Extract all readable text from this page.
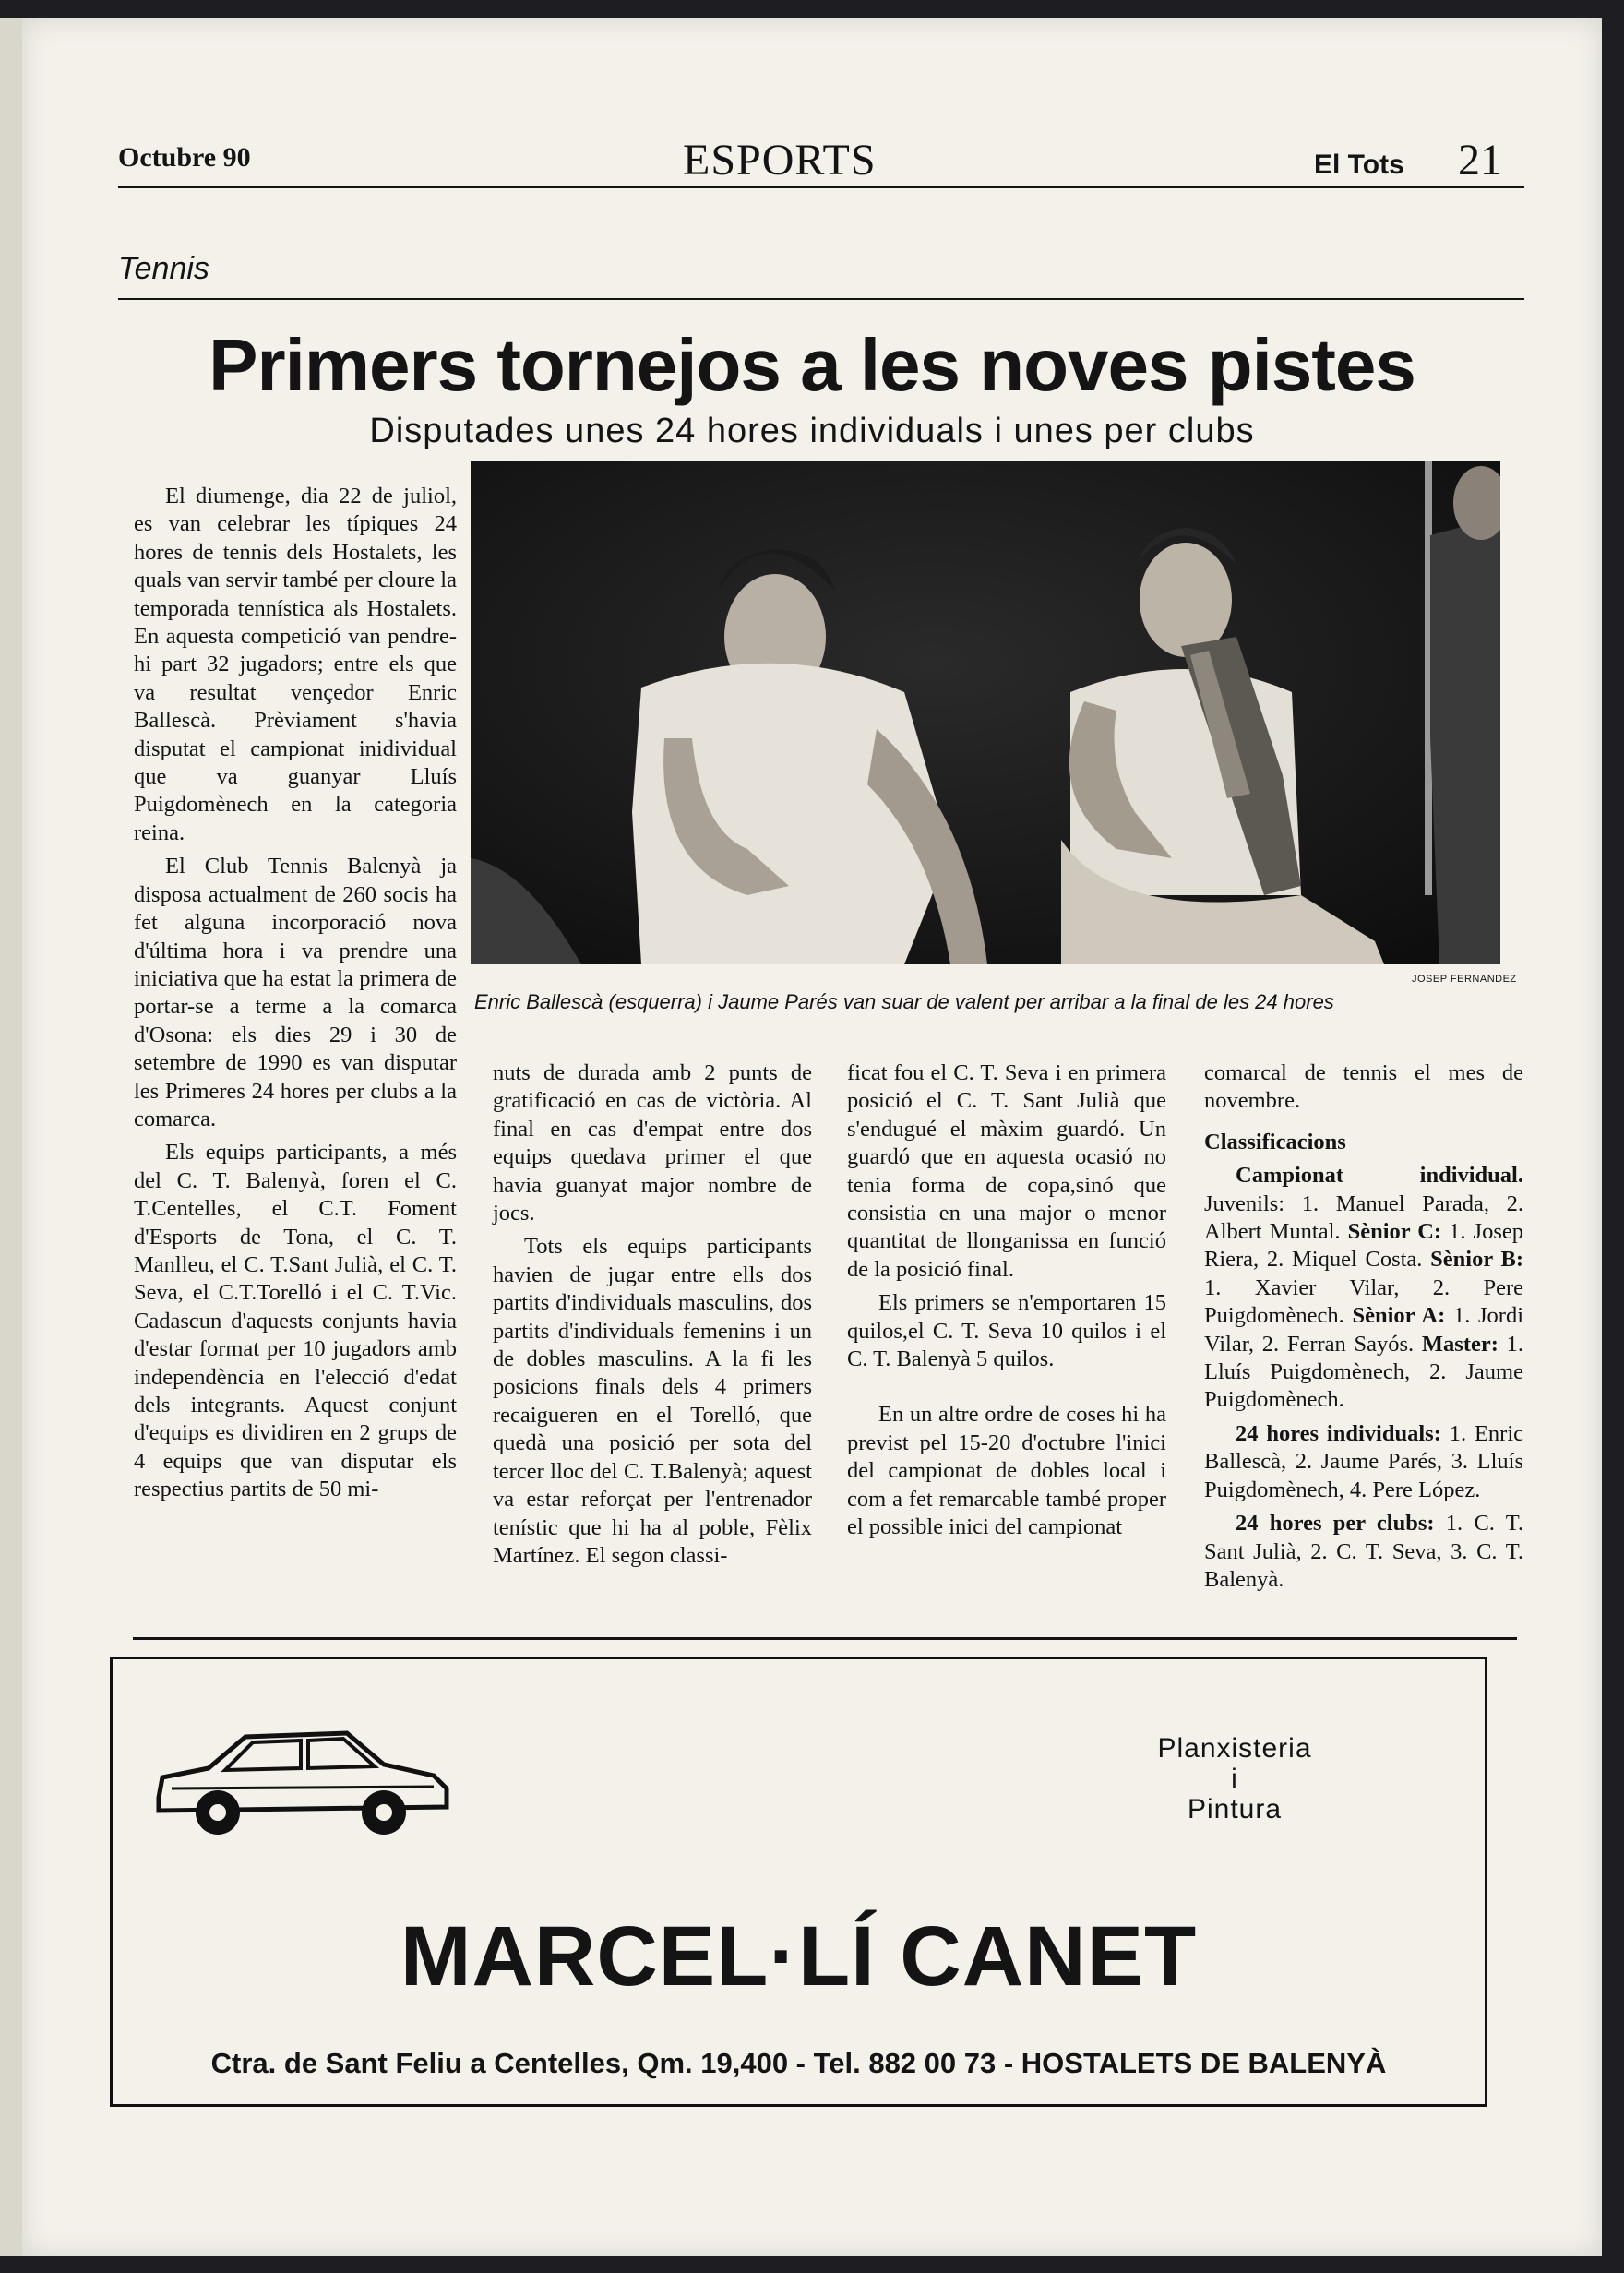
Octubre 90	ESPORTS	El Tots 21
Tennis
Primers tornejos a les noves pistes
Disputades unes 24 hores individuals i unes per clubs
JOSEP FERNANDEZ
Enric Ballescà (esquerra) i Jaume Parés van suar de valent per arribar a la final de les 24 hores

El diumenge, dia 22 de juliol, es van celebrar les típiques 24 hores de tennis dels Hostalets, les quals van servir també per cloure la temporada tennística als Hostalets. En aquesta competició van pendre-hi part 32 jugadors; entre els que va resultat vençedor Enric Ballescà. Prèviament s'havia disputat el campionat inidividual que va guanyar Lluís Puigdomènech en la categoria reina.

El Club Tennis Balenyà ja disposa actualment de 260 socis ha fet alguna incorporació nova d'última hora i va prendre una iniciativa que ha estat la primera de portar-se a terme a la comarca d'Osona: els dies 29 i 30 de setembre de 1990 es van disputar les Primeres 24 hores per clubs a la comarca.

Els equips participants, a més del C. T. Balenyà, foren el C. T.Centelles, el C.T. Foment d'Esports de Tona, el C. T. Manlleu, el C. T.Sant Julià, el C. T. Seva, el C.T.Torelló i el C. T.Vic. Cadascun d'aquests conjunts havia d'estar format per 10 jugadors amb independència en l'elecció d'edat dels integrants. Aquest conjunt d'equips es dividiren en 2 grups de 4 equips que van disputar els respectius partits de 50 mi-

nuts de durada amb 2 punts de gratificació en cas de victòria. Al final en cas d'empat entre dos equips quedava primer el que havia guanyat major nombre de jocs.

Tots els equips participants havien de jugar entre ells dos partits d'individuals masculins, dos partits d'individuals femenins i un de dobles masculins. A la fi les posicions finals dels 4 primers recaigueren en el Torelló, que quedà una posició per sota del tercer lloc del C. T.Balenyà; aquest va estar reforçat per l'entrenador tenístic que hi ha al poble, Fèlix Martínez. El segon classi-

ficat fou el C. T. Seva i en primera posició el C. T. Sant Julià que s'endugué el màxim guardó. Un guardó que en aquesta ocasió no tenia forma de copa,sinó que consistia en una major o menor quantitat de llonganissa en funció de la posició final.

Els primers se n'emportaren 15 quilos,el C. T. Seva 10 quilos i el C. T. Balenyà 5 quilos.

En un altre ordre de coses hi ha previst pel 15-20 d'octubre l'inici del campionat de dobles local i com a fet remarcable també proper el possible inici del campionat

comarcal de tennis el mes de novembre.

Classificacions

Campionat individual. Juvenils: 1. Manuel Parada, 2. Albert Muntal. Sènior C: 1. Josep Riera, 2. Miquel Costa. Sènior B: 1. Xavier Vilar, 2. Pere Puigdomènech. Sènior A: 1. Jordi Vilar, 2. Ferran Sayós. Master: 1. Lluís Puigdomènech, 2. Jaume Puigdomènech.

24 hores individuals: 1. Enric Ballescà, 2. Jaume Parés, 3. Lluís Puigdomènech, 4. Pere López.

24 hores per clubs: 1. C. T. Sant Julià, 2. C. T. Seva, 3. C. T. Balenyà.

Planxisteria
i
Pintura
MARCEL·LÍ CANET
Ctra. de Sant Feliu a Centelles, Qm. 19,400 - Tel. 882 00 73 - HOSTALETS DE BALENYÀ
